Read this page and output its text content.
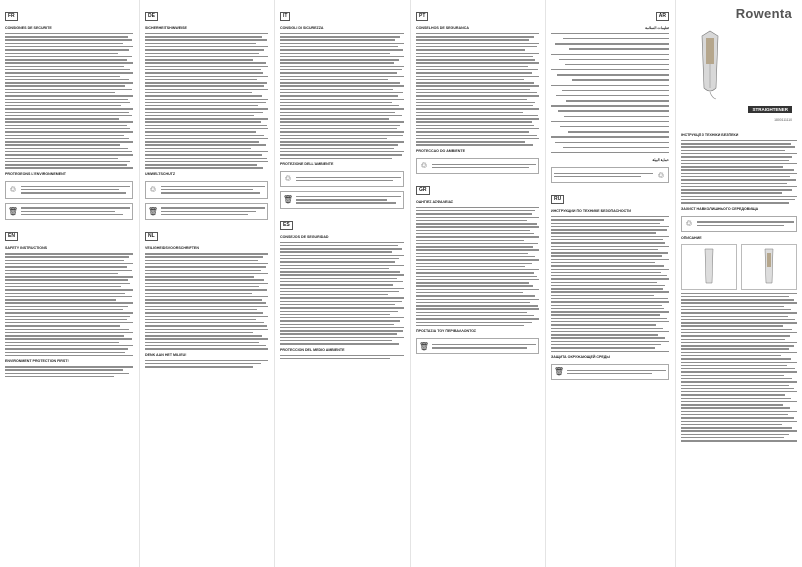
FR
CONSIGNES DE SECURITE
PROTEGEONS L'ENVIRONNEMENT
♲
🗑
EN
SAFETY INSTRUCTIONS
ENVIRONMENT PROTECTION FIRST!
DE
SICHERHEITSHINWEISE
UMWELTSCHUTZ
♲
🗑
NL
VEILIGHEIDSVOORSCHRIFTEN
DENK AAN HET MILIEU!
IT
CONSIGLI DI SICUREZZA
PROTEZIONE DELL'AMBIENTE
♲
🗑
ES
CONSEJOS DE SEGURIDAD
PROTECCION DEL MEDIO AMBIENTE
PT
CONSELHOS DE SEGURANCA
PROTECCAO DO AMBIENTE
♲
GR
ΟΔΗΓΙΕΣ ΑΣΦΑΛΕΙΑΣ
ΠΡΟΣΤΑΣΙΑ ΤΟΥ ΠΕΡΙΒΑΛΛΟΝΤΟΣ
🗑
AR
تعليمات السلامة
حماية البيئة
♲
RU
ИНСТРУКЦИИ ПО ТЕХНИКЕ БЕЗОПАСНОСТИ
ЗАЩИТА ОКРУЖАЮЩЕЙ СРЕДЫ
🗑
Rowenta
STRAIGHTENER
1800111110
ІНСТРУКЦІЇ З ТЕХНІКИ БЕЗПЕКИ
ЗАХИСТ НАВКОЛИШНЬОГО СЕРЕДОВИЩА
♲
ОПИСАНИЕ
